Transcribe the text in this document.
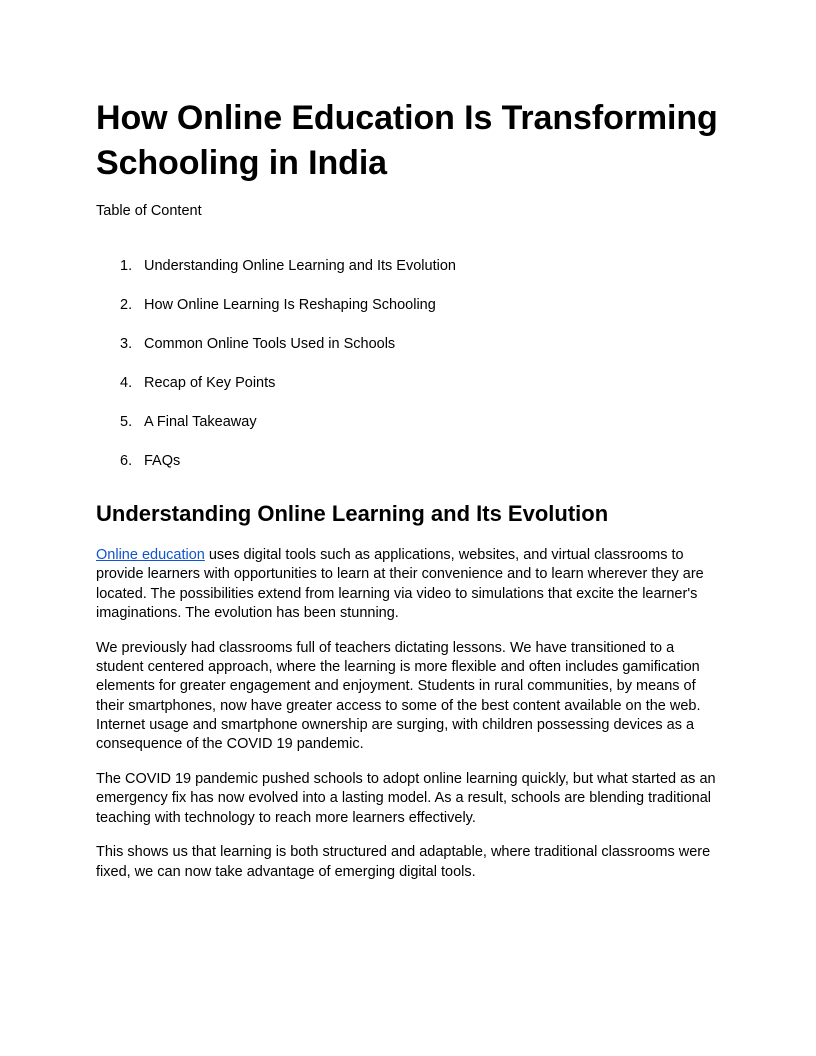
How Online Education Is Transforming Schooling in India
Table of Content
1. Understanding Online Learning and Its Evolution
2. How Online Learning Is Reshaping Schooling
3. Common Online Tools Used in Schools
4. Recap of Key Points
5. A Final Takeaway
6. FAQs
Understanding Online Learning and Its Evolution

Online education uses digital tools such as applications, websites, and virtual classrooms to provide learners with opportunities to learn at their convenience and to learn wherever they are located. The possibilities extend from learning via video to simulations that excite the learner's imaginations. The evolution has been stunning.

We previously had classrooms full of teachers dictating lessons. We have transitioned to a student centered approach, where the learning is more flexible and often includes gamification elements for greater engagement and enjoyment. Students in rural communities, by means of their smartphones, now have greater access to some of the best content available on the web. Internet usage and smartphone ownership are surging, with children possessing devices as a consequence of the COVID 19 pandemic.

The COVID 19 pandemic pushed schools to adopt online learning quickly, but what started as an emergency fix has now evolved into a lasting model. As a result, schools are blending traditional teaching with technology to reach more learners effectively.

This shows us that learning is both structured and adaptable, where traditional classrooms were fixed, we can now take advantage of emerging digital tools.
